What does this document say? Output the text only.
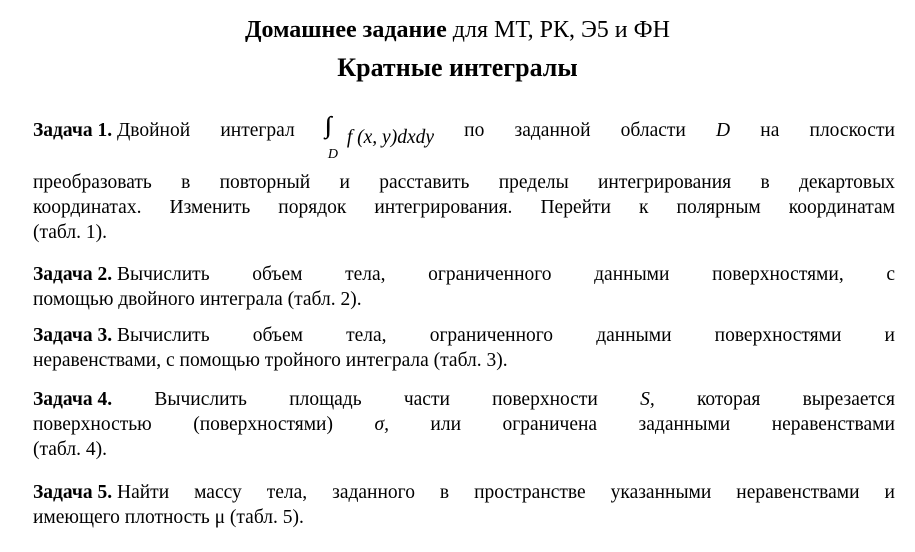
Домашнее задание для МТ, РК, Э5 и ФН
Кратные интегралы
Задача 1. Двойной интеграл ∫∫
D
f (x, y)dxdy по заданной области D на плоскости
преобразовать в повторный и расставить пределы интегрирования в декартовых
координатах. Изменить порядок интегрирования. Перейти к полярным координатам
(табл. 1).
Задача 2. Вычислить объем тела, ограниченного данными поверхностями, с
помощью двойного интеграла (табл. 2).
Задача 3. Вычислить объем тела, ограниченного данными поверхностями и
неравенствами, с помощью тройного интеграла (табл. 3).
Задача 4. Вычислить площадь части поверхности S, которая вырезается
поверхностью (поверхностями) σ, или ограничена заданными неравенствами
(табл. 4).
Задача 5. Найти массу тела, заданного в пространстве указанными неравенствами и
имеющего плотность μ (табл. 5).
